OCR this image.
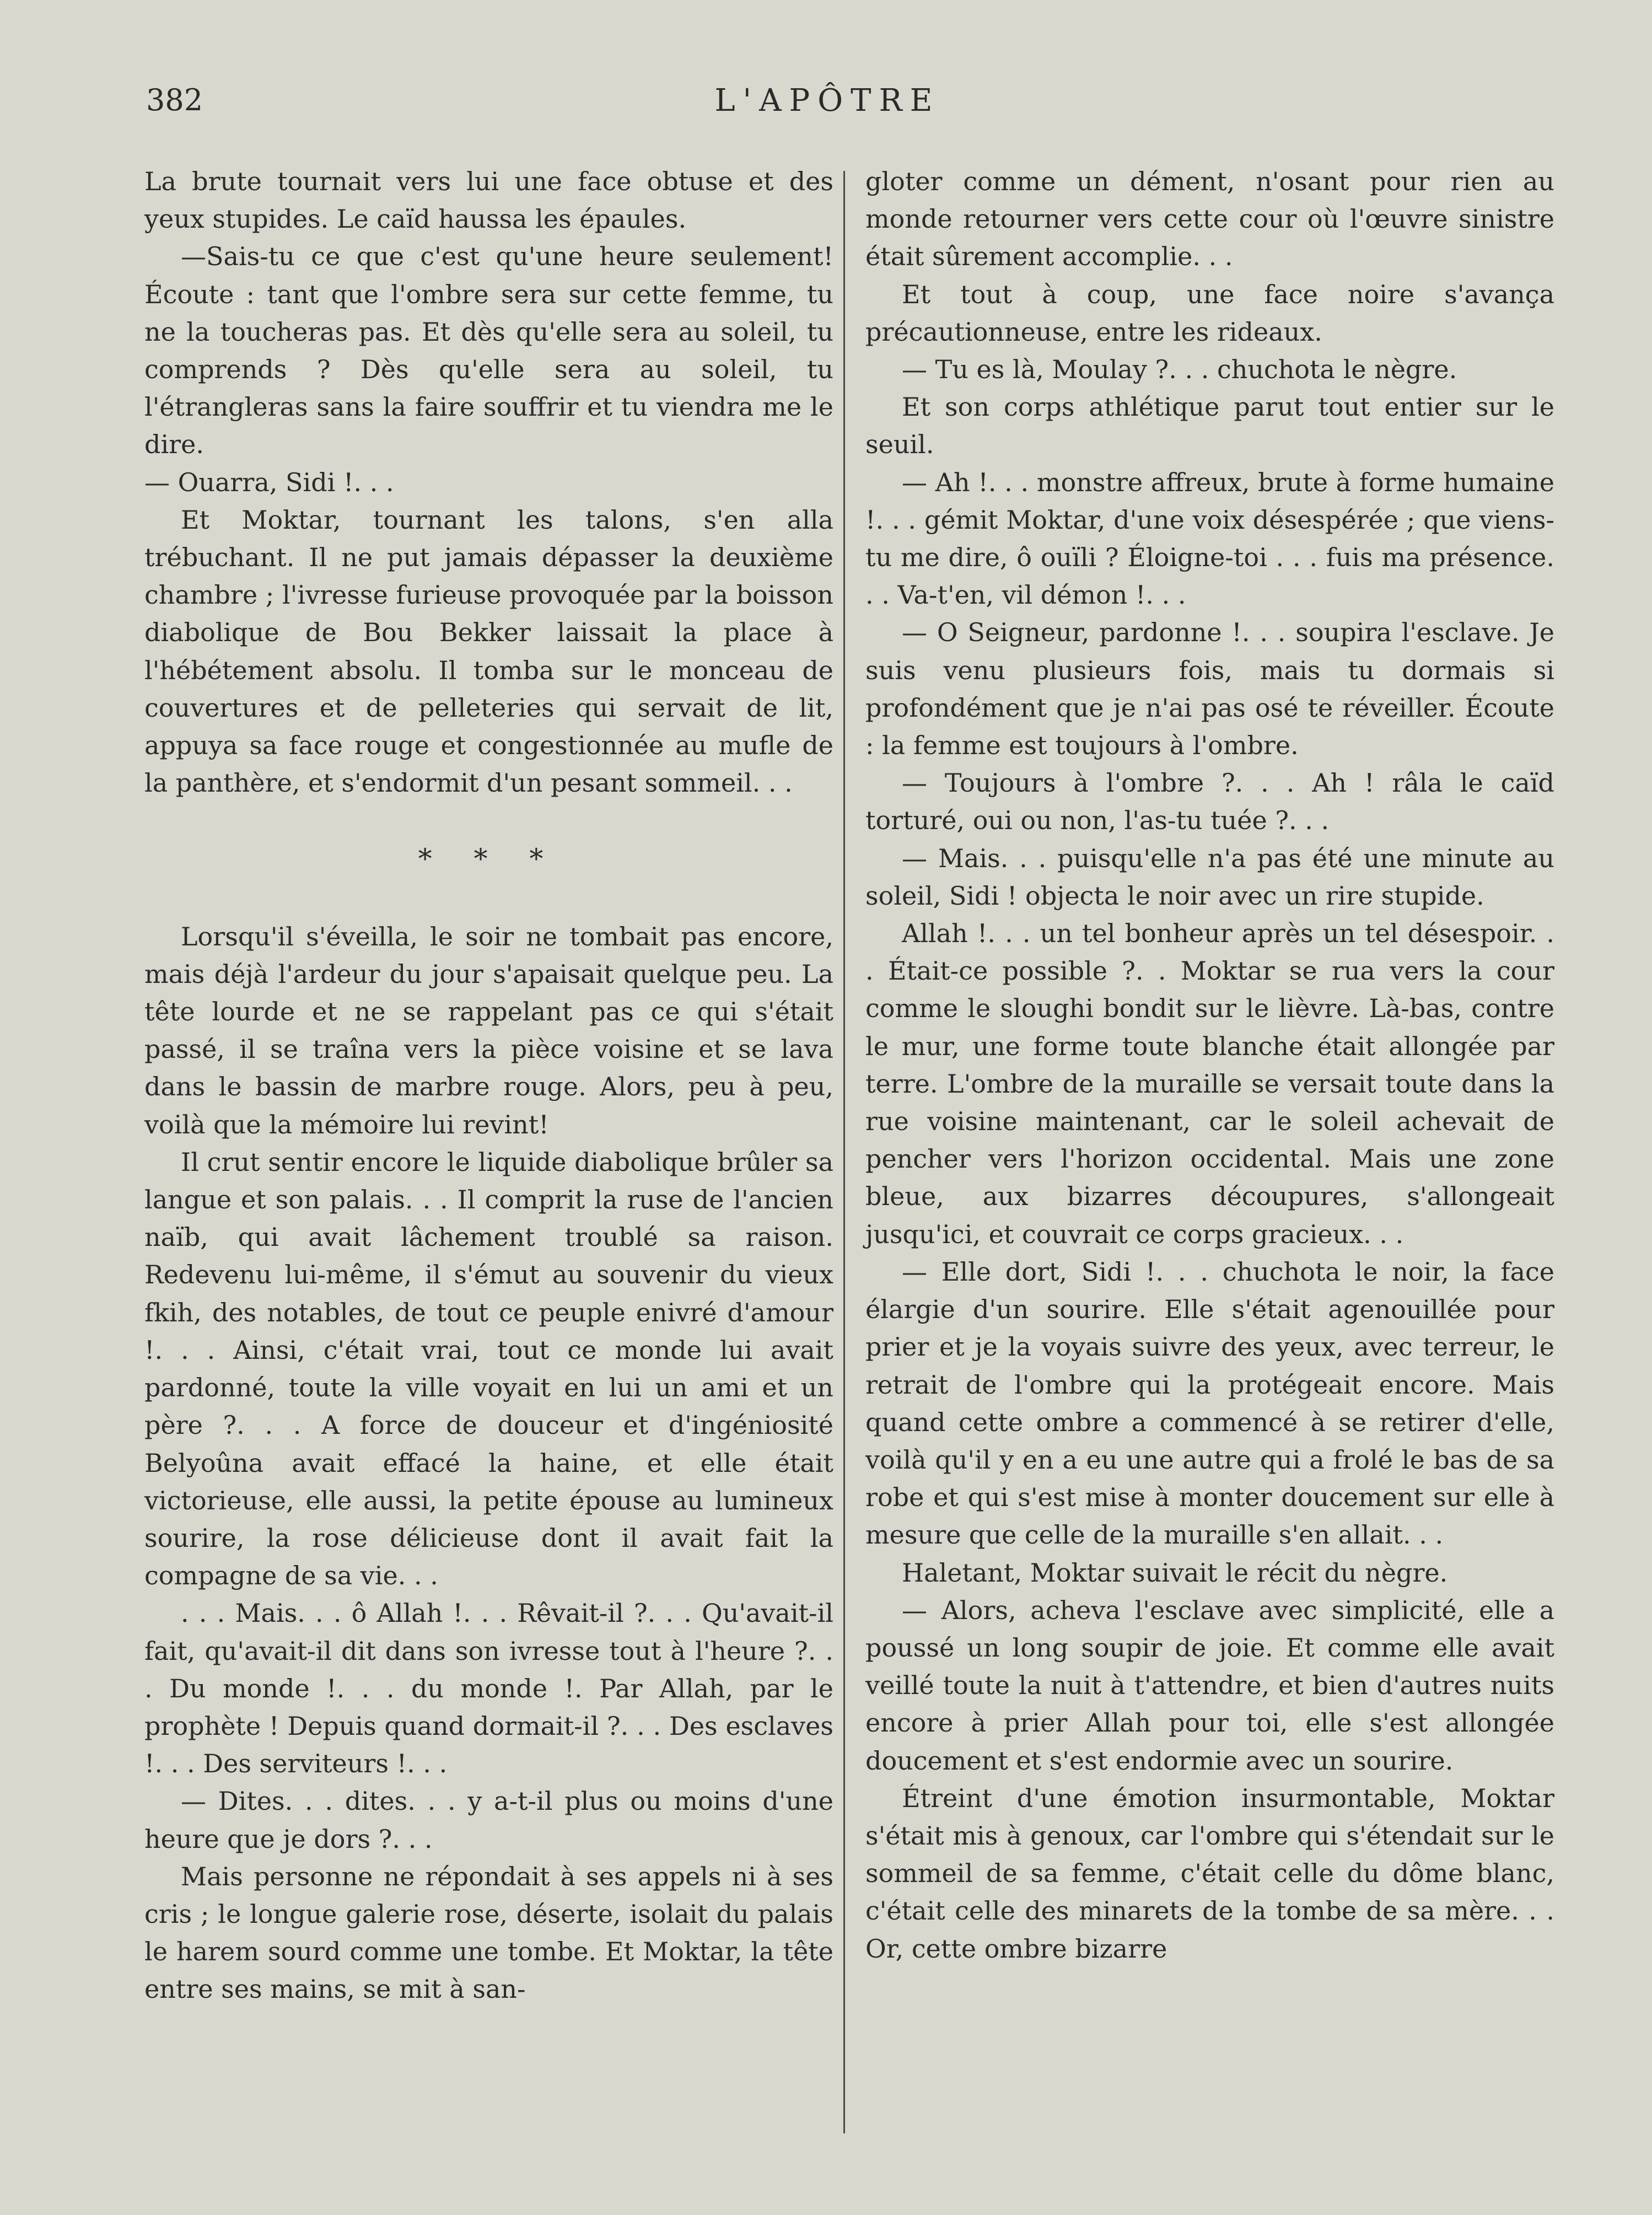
382	L'APÔTRE

La brute tournait vers lui une face obtuse et des yeux stupides. Le caïd haussa les épaules.

—Sais-tu ce que c'est qu'une heure seulement! Écoute : tant que l'ombre sera sur cette femme, tu ne la toucheras pas. Et dès qu'elle sera au soleil, tu comprends ? Dès qu'elle sera au soleil, tu l'étrangleras sans la faire souffrir et tu viendra me le dire.

— Ouarra, Sidi !. . .

Et Moktar, tournant les talons, s'en alla trébuchant. Il ne put jamais dépasser la deuxième chambre ; l'ivresse furieuse provoquée par la boisson diabolique de Bou Bekker laissait la place à l'hébétement absolu. Il tomba sur le monceau de couvertures et de pelleteries qui servait de lit, appuya sa face rouge et congestionnée au mufle de la panthère, et s'endormit d'un pesant sommeil. . .

* * *

Lorsqu'il s'éveilla, le soir ne tombait pas encore, mais déjà l'ardeur du jour s'apaisait quelque peu. La tête lourde et ne se rappelant pas ce qui s'était passé, il se traîna vers la pièce voisine et se lava dans le bassin de marbre rouge. Alors, peu à peu, voilà que la mémoire lui revint!

Il crut sentir encore le liquide diabolique brûler sa langue et son palais. . . Il comprit la ruse de l'ancien naïb, qui avait lâchement troublé sa raison. Redevenu lui-même, il s'émut au souvenir du vieux fkih, des notables, de tout ce peuple enivré d'amour !. . . Ainsi, c'était vrai, tout ce monde lui avait pardonné, toute la ville voyait en lui un ami et un père ?. . . A force de douceur et d'ingéniosité Belyoûna avait effacé la haine, et elle était victorieuse, elle aussi, la petite épouse au lumineux sourire, la rose délicieuse dont il avait fait la compagne de sa vie. . .

. . . Mais. . . ô Allah !. . . Rêvait-il ?. . . Qu'avait-il fait, qu'avait-il dit dans son ivresse tout à l'heure ?. . . Du monde !. . . du monde !. Par Allah, par le prophète ! Depuis quand dormait-il ?. . . Des esclaves !. . . Des serviteurs !. . .

— Dites. . . dites. . . y a-t-il plus ou moins d'une heure que je dors ?. . .

Mais personne ne répondait à ses appels ni à ses cris ; le longue galerie rose, déserte, isolait du palais le harem sourd comme une tombe. Et Moktar, la tête entre ses mains, se mit à san-

gloter comme un dément, n'osant pour rien au monde retourner vers cette cour où l'œuvre sinistre était sûrement accomplie. . .

Et tout à coup, une face noire s'avança précautionneuse, entre les rideaux.

— Tu es là, Moulay ?. . . chuchota le nègre.

Et son corps athlétique parut tout entier sur le seuil.

— Ah !. . . monstre affreux, brute à forme humaine !. . . gémit Moktar, d'une voix désespérée ; que viens-tu me dire, ô ouïli ? Éloigne-toi . . . fuis ma présence. . . Va-t'en, vil démon !. . .

— O Seigneur, pardonne !. . . soupira l'esclave. Je suis venu plusieurs fois, mais tu dormais si profondément que je n'ai pas osé te réveiller. Écoute : la femme est toujours à l'ombre.

— Toujours à l'ombre ?. . . Ah ! râla le caïd torturé, oui ou non, l'as-tu tuée ?. . .

— Mais. . . puisqu'elle n'a pas été une minute au soleil, Sidi ! objecta le noir avec un rire stupide.

Allah !. . . un tel bonheur après un tel désespoir. . . Était-ce possible ?. . Moktar se rua vers la cour comme le sloughi bondit sur le lièvre. Là-bas, contre le mur, une forme toute blanche était allongée par terre. L'ombre de la muraille se versait toute dans la rue voisine maintenant, car le soleil achevait de pencher vers l'horizon occidental. Mais une zone bleue, aux bizarres découpures, s'allongeait jusqu'ici, et couvrait ce corps gracieux. . .

— Elle dort, Sidi !. . . chuchota le noir, la face élargie d'un sourire. Elle s'était agenouillée pour prier et je la voyais suivre des yeux, avec terreur, le retrait de l'ombre qui la protégeait encore. Mais quand cette ombre a commencé à se retirer d'elle, voilà qu'il y en a eu une autre qui a frolé le bas de sa robe et qui s'est mise à monter doucement sur elle à mesure que celle de la muraille s'en allait. . .

Haletant, Moktar suivait le récit du nègre.

— Alors, acheva l'esclave avec simplicité, elle a poussé un long soupir de joie. Et comme elle avait veillé toute la nuit à t'attendre, et bien d'autres nuits encore à prier Allah pour toi, elle s'est allongée doucement et s'est endormie avec un sourire.

Étreint d'une émotion insurmontable, Moktar s'était mis à genoux, car l'ombre qui s'étendait sur le sommeil de sa femme, c'était celle du dôme blanc, c'était celle des minarets de la tombe de sa mère. . . Or, cette ombre bizarre
